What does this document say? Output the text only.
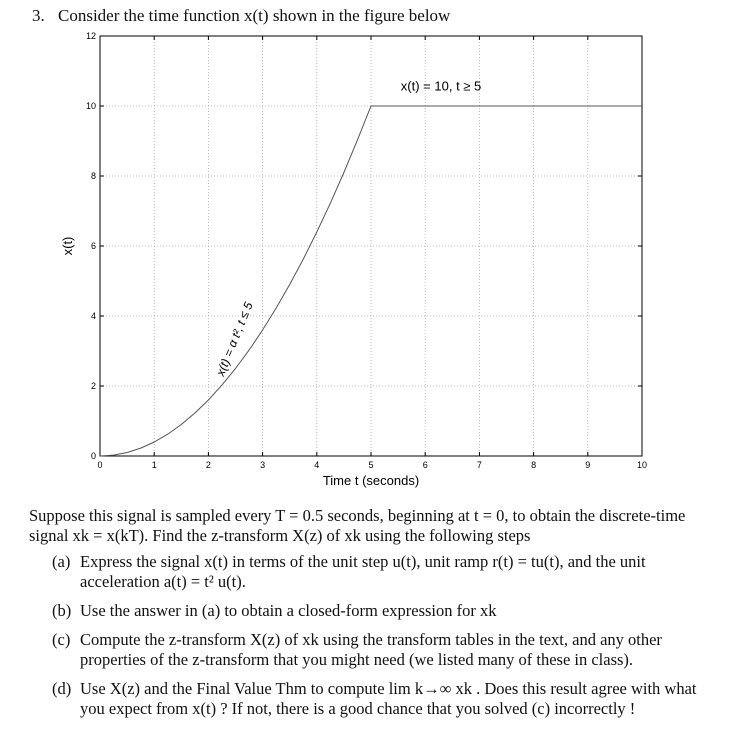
3. Consider the time function x(t) shown in the figure below
0	1	2	3	4	5	6	7	8	9	10
0
2
4
6
8
10
12
Time t (seconds)
x(t)
x(t) = 10, t ≥ 5
x(t) = α t², t ≤ 5
Suppose this signal is sampled every T = 0.5 seconds, beginning at t = 0, to obtain the discrete-time signal xk = x(kT). Find the z-transform X(z) of xk using the following steps
(a) Express the signal x(t) in terms of the unit step u(t), unit ramp r(t) = tu(t), and the unit acceleration a(t) = t² u(t).
(b) Use the answer in (a) to obtain a closed-form expression for xk
(c) Compute the z-transform X(z) of xk using the transform tables in the text, and any other properties of the z-transform that you might need (we listed many of these in class).
(d) Use X(z) and the Final Value Thm to compute lim k→∞ xk . Does this result agree with what you expect from x(t) ? If not, there is a good chance that you solved (c) incorrectly !
